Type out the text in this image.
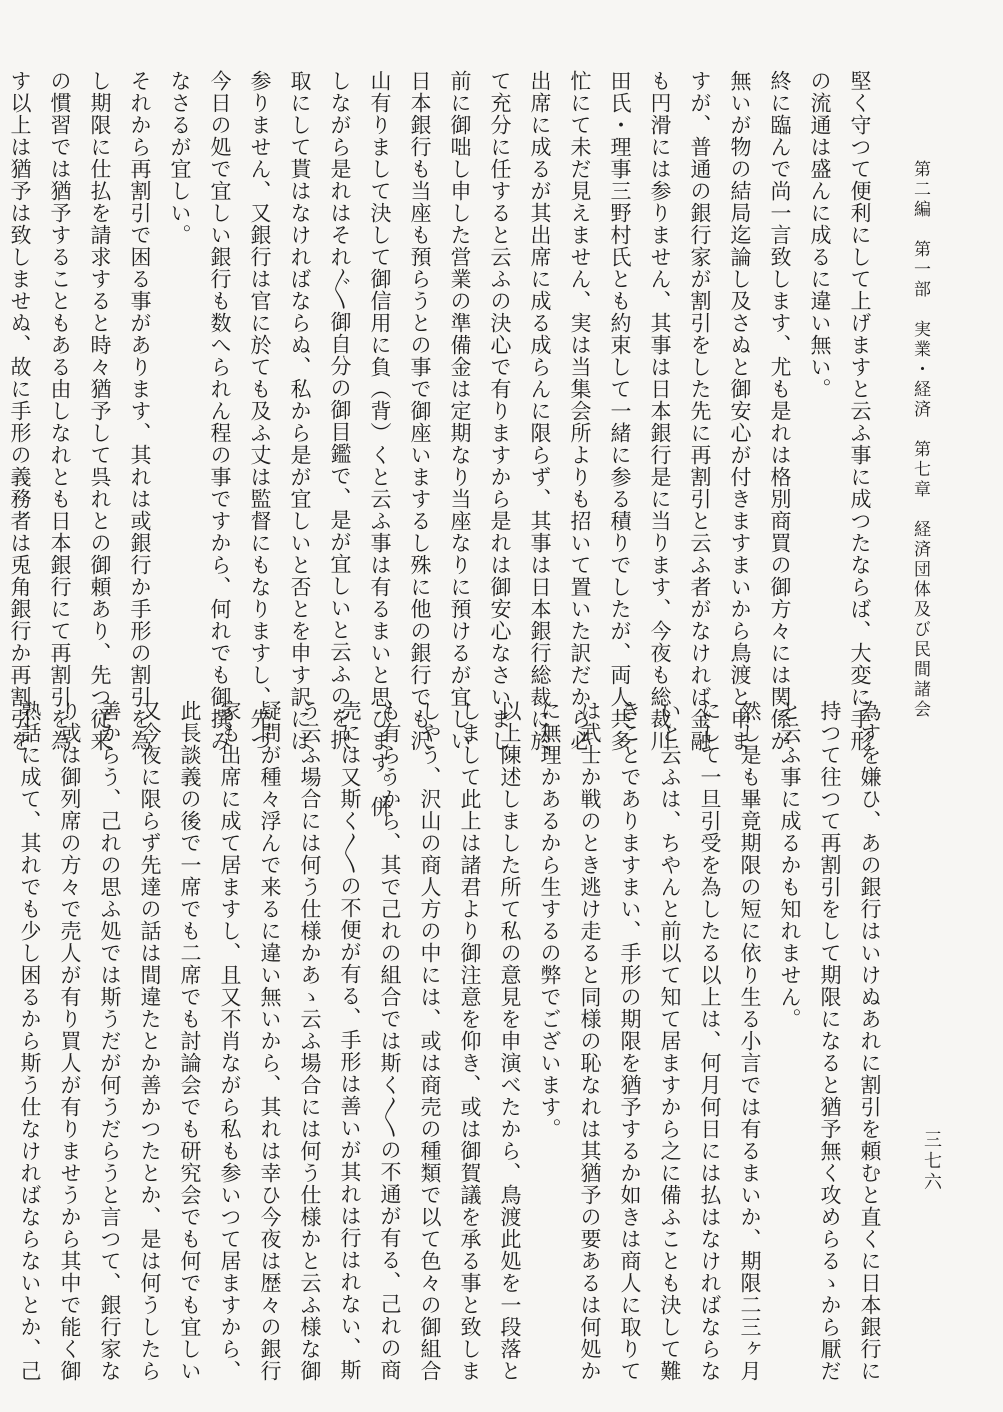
第二編　第一部　実業・経済　第七章　経済団体及び民間諸会
三七六

堅く守つて便利にして上げますと云ふ事に成つたならば、大変に手形

の流通は盛んに成るに違い無い。

終に臨んで尚一言致します、尤も是れは格別商買の御方々には関係が

無いが物の結局迄論し及さぬと御安心が付きますまいから鳥渡と申ま

すが、普通の銀行家が割引をした先に再割引と云ふ者がなければ金融

も円滑には参りません、其事は日本銀行是に当ります、今夜も総裁川

田氏・理事三野村氏とも約束して一緒に参る積りでしたが、両人共多

忙にて未だ見えません、実は当集会所よりも招いて置いた訳だから必

出席に成るが其出席に成る成らんに限らず、其事は日本銀行総裁に於

て充分に任すると云ふの決心で有りますから是れは御安心なさいまし

前に御咄し申した営業の準備金は定期なり当座なりに預けるが宜しい

日本銀行も当座も預らうとの事で御座いまするし殊に他の銀行でも沢

山有りまして決して御信用に負（背）くと云ふ事は有るまいと思ひます。併

しながら是れはそれ〴〵御自分の御目鑑で、是が宜しいと云ふのを択

取にして貰はなければならぬ、私から是が宜しいと否とを申す訳には

参りません、又銀行は官に於ても及ふ丈は監督にもなりますし、先づ

今日の処で宜しい銀行も数へられん程の事ですから、何れでも御撰み

なさるが宜しい。

それから再割引で困る事があります、其れは或銀行か手形の割引を為

し期限に仕払を請求すると時々猶予して呉れとの御頼あり、先つ従来

の慣習では猶予することもある由しなれとも日本銀行にて再割引を為

す以上は猶予は致しませぬ、故に手形の義務者は兎角銀行か再割引を

為すを嫌ひ、あの銀行はいけぬあれに割引を頼むと直くに日本銀行に

持つて往つて再割引をして期限になると猶予無く攻めらるゝから厭だ

と云ふ事に成るかも知れません。

然し是も畢竟期限の短に依り生る小言では有るまいか、期限二三ヶ月

にして一旦引受を為したる以上は、何月何日には払はなければならな

いと云ふは、ちやんと前以て知て居ますから之に備ふことも決して難

きことでありますまい、手形の期限を猶予するか如きは商人に取りて

は武士か戦のとき逃け走ると同様の恥なれは其猶予の要あるは何処か

に無理かあるから生するの弊でございます。

以上陳述しました所て私の意見を申演べたから、鳥渡此処を一段落と

しまして此上は諸君より御注意を仰き、或は御賀議を承る事と致しま

しやう、沢山の商人方の中には、或は商売の種類で以て色々の御組合

も有らうから、其で己れの組合では斯く〳〵の不通が有る、己れの商

売には又斯く〳〵の不便が有る、手形は善いが其れは行はれない、斯

う云ふ場合には何う仕様かあゝ云ふ場合には何う仕様かと云ふ様な御

疑問が種々浮んで来るに違い無いから、其れは幸ひ今夜は歴々の銀行

家も出席に成て居ますし、且又不肖ながら私も参いつて居ますから、

此長談義の後で一席でも二席でも討論会でも研究会でも何でも宜しい

又今夜に限らず先達の話は間違たとか善かつたとか、是は何うしたら

善からう、己れの思ふ処では斯うだが何うだらうと言つて、銀行家な

り或は御列席の方々で売人が有り買人が有りませうから其中で能く御

熟話に成て、其れでも少し困るから斯う仕なければならないとか、己
